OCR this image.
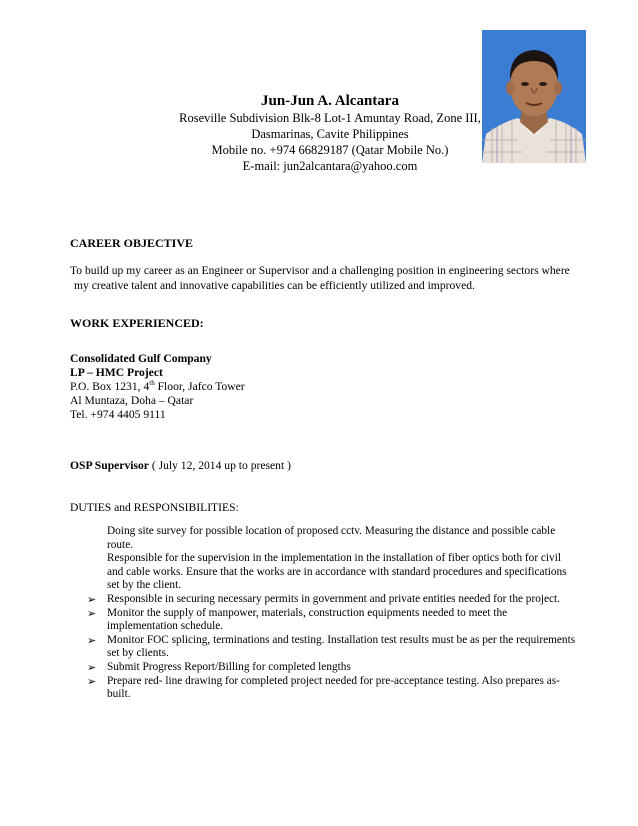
Jun-Jun A. Alcantara
Roseville Subdivision Blk-8 Lot-1 Amuntay Road, Zone III,
Dasmarinas, Cavite Philippines
Mobile no. +974 66829187 (Qatar Mobile No.)
E-mail: jun2alcantara@yahoo.com
CAREER OBJECTIVE
To build up my career as an Engineer or Supervisor and a challenging position in engineering sectors where
my creative talent and innovative capabilities can be efficiently utilized and improved.
WORK EXPERIENCED:
Consolidated Gulf Company
LP – HMC Project
P.O. Box 1231, 4th Floor, Jafco Tower
Al Muntaza, Doha – Qatar
Tel. +974 4405 9111
OSP Supervisor ( July 12, 2014 up to present )
DUTIES and RESPONSIBILITIES:

Doing site survey for possible location of proposed cctv. Measuring the distance and possible cable route.

Responsible for the supervision in the implementation in the installation of fiber optics both for civil and cable works. Ensure that the works are in accordance with standard procedures and specifications set by the client.

➢ Responsible in securing necessary permits in government and private entities needed for the project.

➢ Monitor the supply of manpower, materials, construction equipments needed to meet the implementation schedule.

➢ Monitor FOC splicing, terminations and testing. Installation test results must be as per the requirements set by clients.

➢ Submit Progress Report/Billing for completed lengths

➢ Prepare red- line drawing for completed project needed for pre-acceptance testing. Also prepares as-built.
